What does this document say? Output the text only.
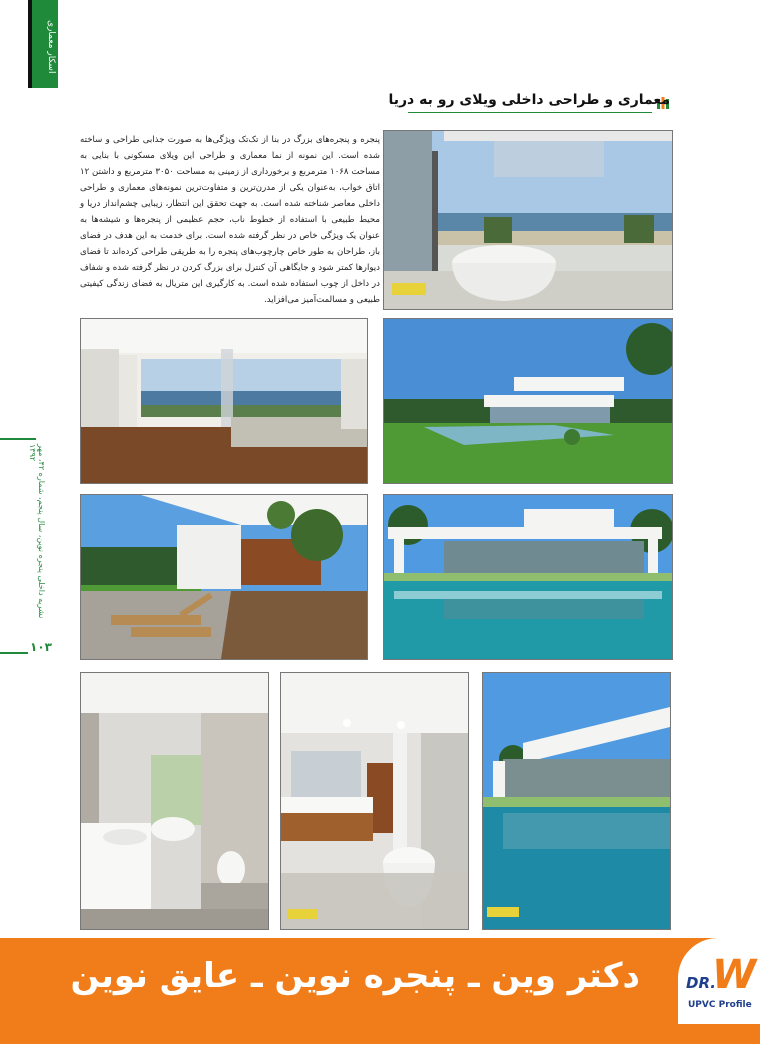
اسکار معماری
نشریه داخلی پنجره نوین، سال پنجم، شماره ۴۲، مهر ۱۳۹۲
۱۰۳
معماری و طراحی داخلی ویلای رو به دریا
پنجره و پنجره‌های بزرگ در بنا از تک‌تک ویژگی‌ها به صورت جذابی طراحی و ساخته شده است. این نمونه از نما معماری و طراحی این ویلای مسکونی با بنایی به مساحت ۱۰۶۸ مترمربع و برخورداری از زمینی به مساحت ۳۰۵۰ مترمربع و داشتن ۱۲ اتاق خواب، به‌عنوان یکی از مدرن‌ترین و متفاوت‌ترین نمونه‌های معماری و طراحی داخلی معاصر شناخته شده است. به جهت تحقق این انتظار، زیبایی چشم‌انداز دریا و محیط طبیعی با استفاده از خطوط ناب، حجم عظیمی از پنجره‌ها و شیشه‌ها به عنوان یک ویژگی خاص در نظر گرفته شده است. برای خدمت به این هدف در فضای باز، طراحان به طور خاص چارچوب‌های پنجره را به طریقی طراحی کرده‌اند تا فضای دیوارها کمتر شود و جایگاهی آن کنترل برای بزرگ کردن در نظر گرفته شده و شفاف در داخل از چوب استفاده شده است. به کارگیری این متریال به فضای زندگی کیفیتی طبیعی و مسالمت‌آمیز می‌افزاید.
دکتر وین ـ پنجره نوین ـ عایق نوین	DR.
W
UPVC Profile
